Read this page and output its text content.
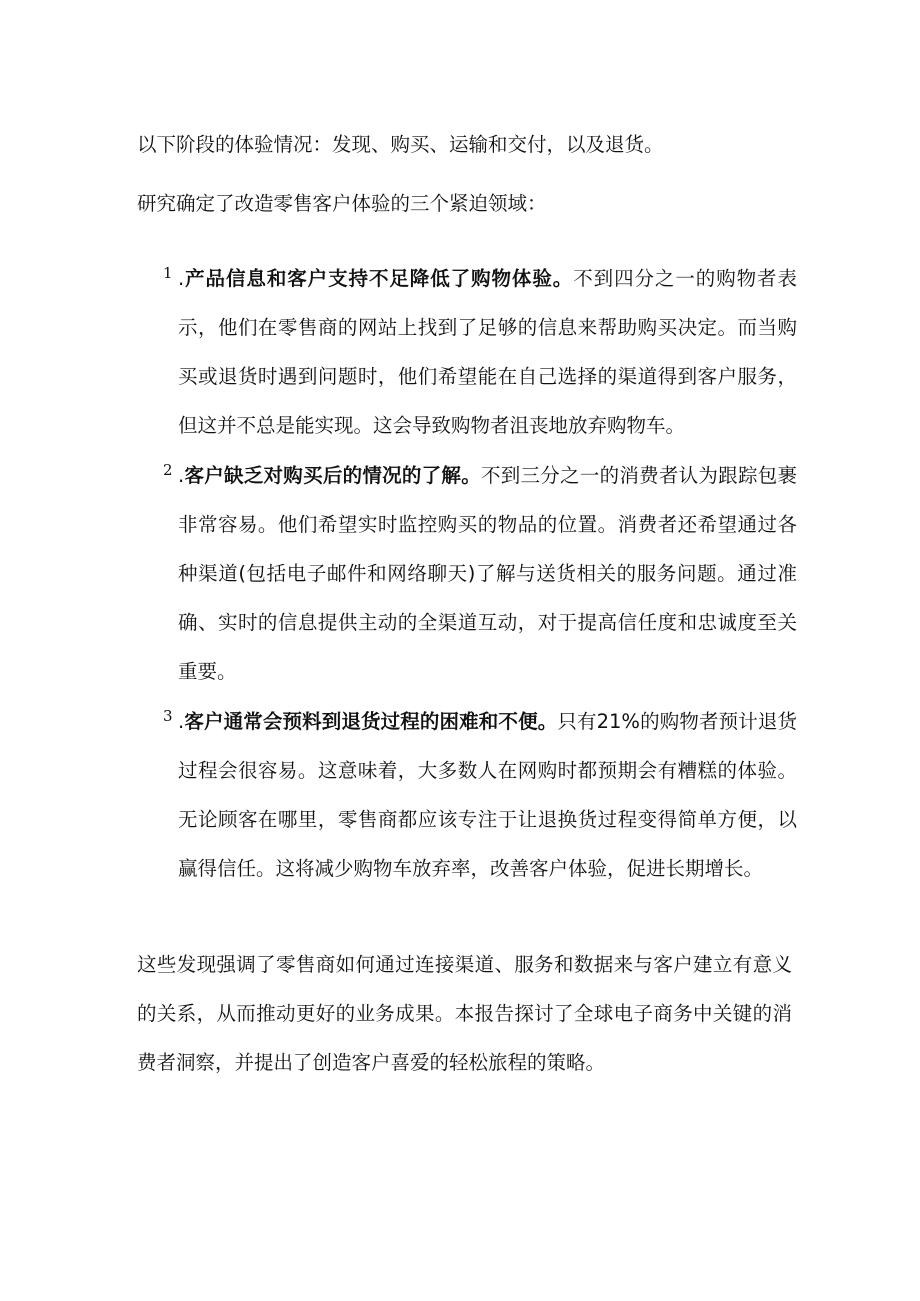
以下阶段的体验情况：发现、购买、运输和交付，以及退货。

研究确定了改造零售客户体验的三个紧迫领域：

1 .产品信息和客户支持不足降低了购物体验。不到四分之一的购物者表示，他们在零售商的网站上找到了足够的信息来帮助购买决定。而当购买或退货时遇到问题时，他们希望能在自己选择的渠道得到客户服务，但这并不总是能实现。这会导致购物者沮丧地放弃购物车。

2 .客户缺乏对购买后的情况的了解。不到三分之一的消费者认为跟踪包裹非常容易。他们希望实时监控购买的物品的位置。消费者还希望通过各种渠道(包括电子邮件和网络聊天)了解与送货相关的服务问题。通过准确、实时的信息提供主动的全渠道互动，对于提高信任度和忠诚度至关重要。

3 .客户通常会预料到退货过程的困难和不便。只有21%的购物者预计退货过程会很容易。这意味着，大多数人在网购时都预期会有糟糕的体验。无论顾客在哪里，零售商都应该专注于让退换货过程变得简单方便，以赢得信任。这将减少购物车放弃率，改善客户体验，促进长期增长。

这些发现强调了零售商如何通过连接渠道、服务和数据来与客户建立有意义的关系，从而推动更好的业务成果。本报告探讨了全球电子商务中关键的消费者洞察，并提出了创造客户喜爱的轻松旅程的策略。
